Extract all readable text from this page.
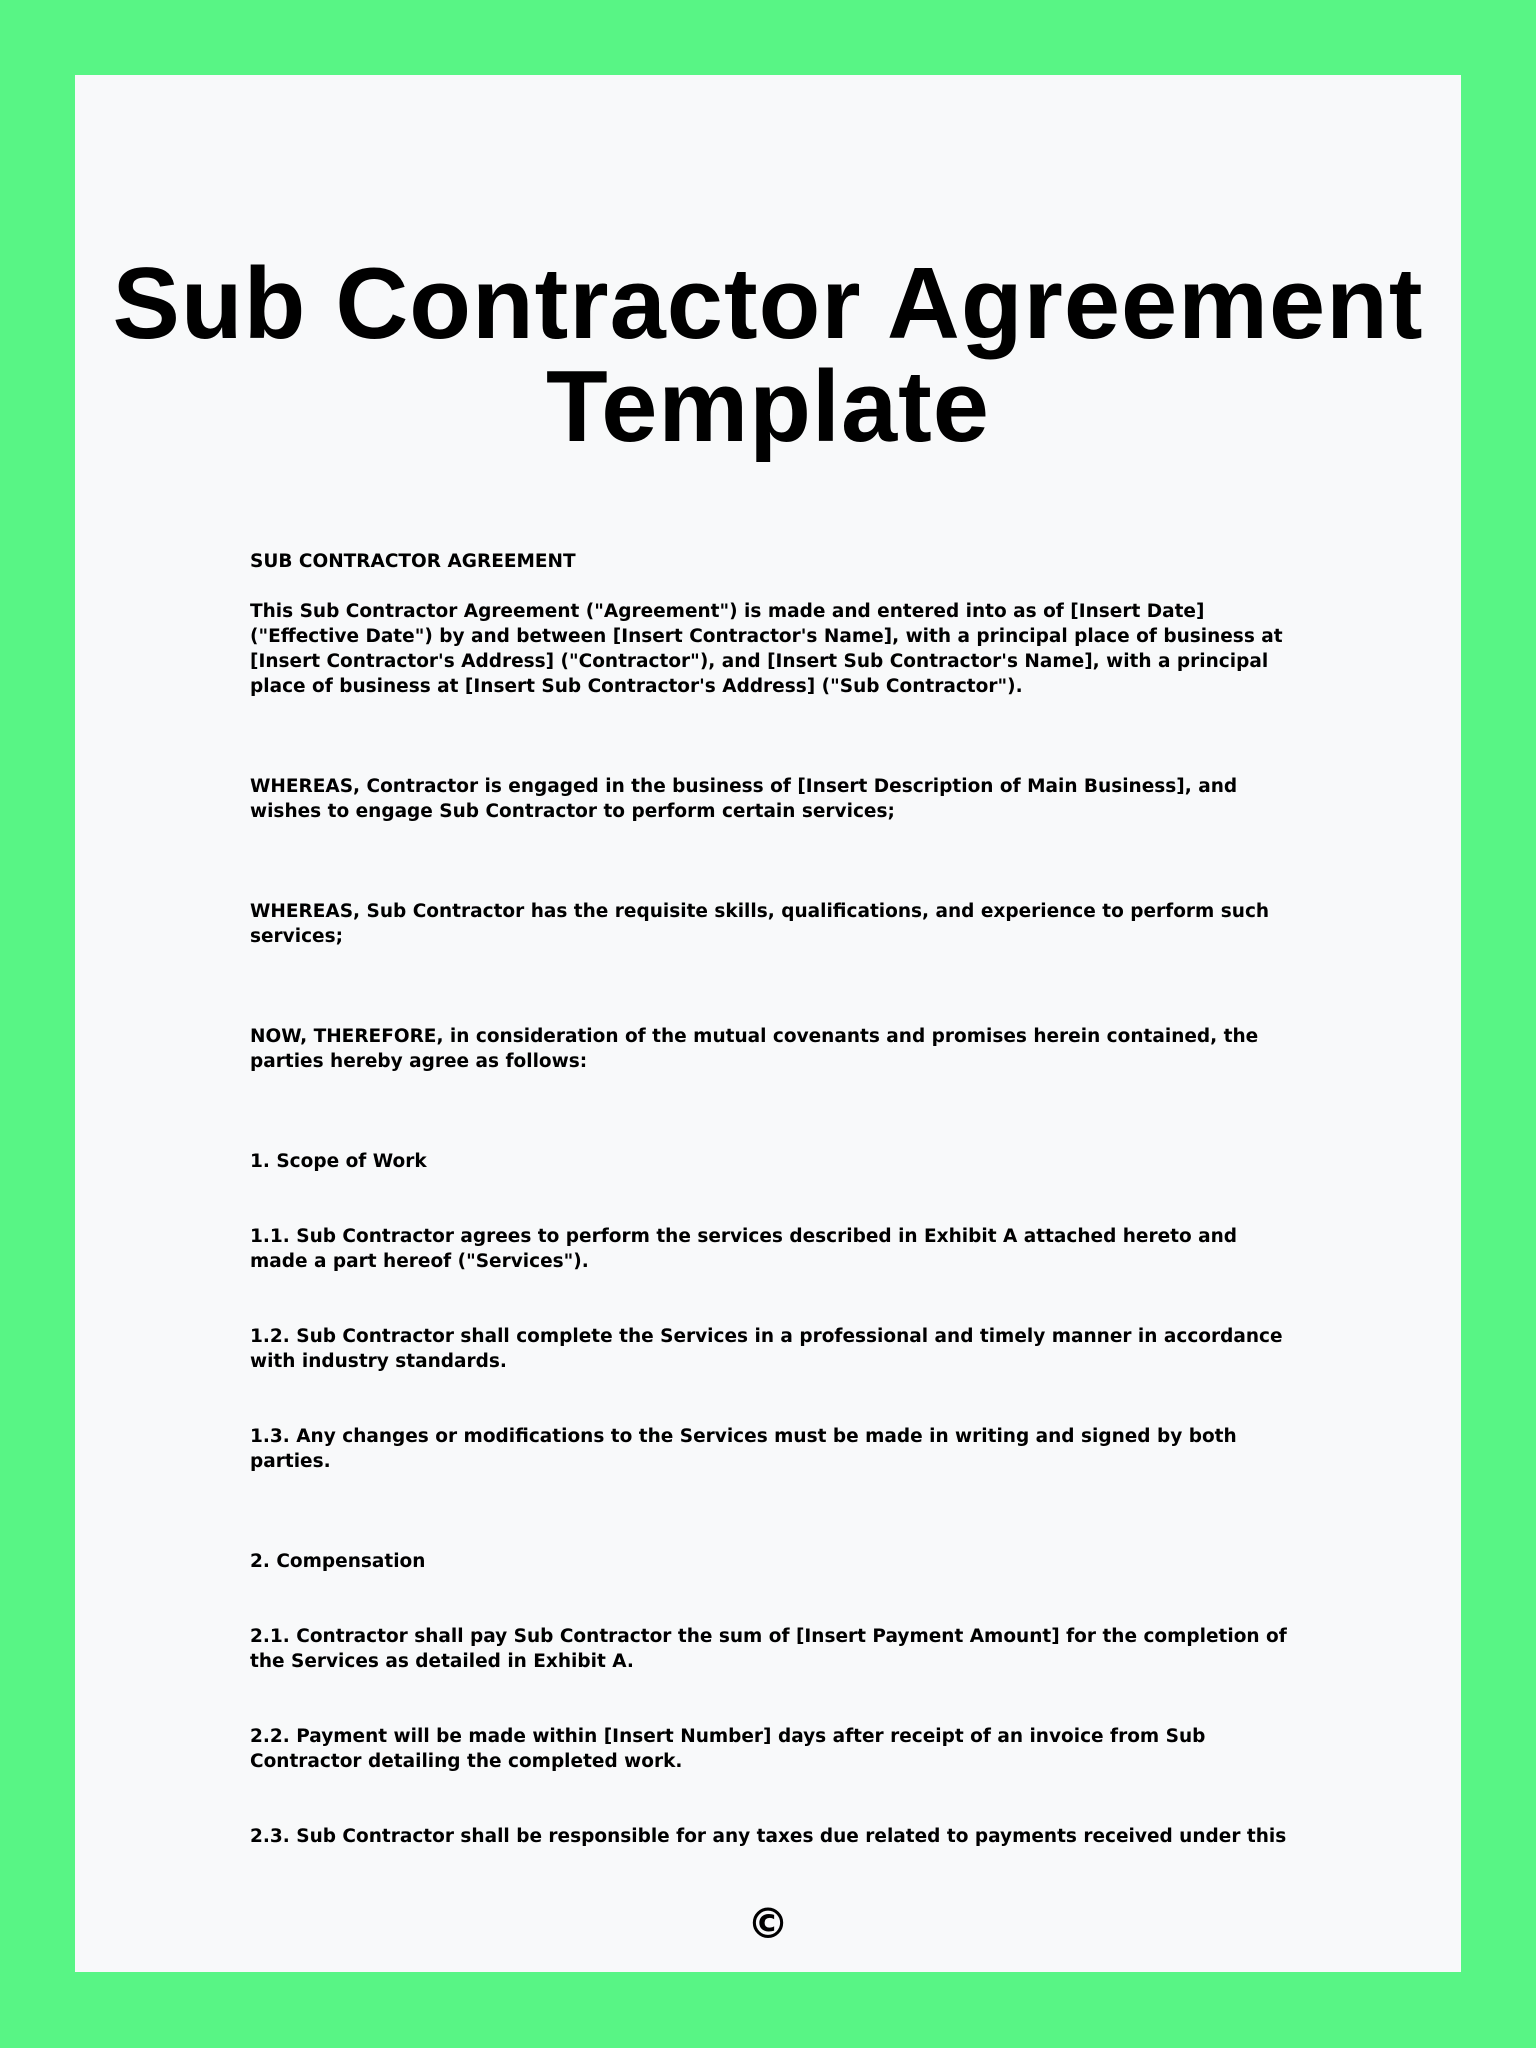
Sub Contractor Agreement
Template

SUB CONTRACTOR AGREEMENT

This Sub Contractor Agreement ("Agreement") is made and entered into as of [Insert Date] ("Effective Date") by and between [Insert Contractor's Name], with a principal place of business at [Insert Contractor's Address] ("Contractor"), and [Insert Sub Contractor's Name], with a principal place of business at [Insert Sub Contractor's Address] ("Sub Contractor").

WHEREAS, Contractor is engaged in the business of [Insert Description of Main Business], and wishes to engage Sub Contractor to perform certain services;

WHEREAS, Sub Contractor has the requisite skills, qualifications, and experience to perform such services;

NOW, THEREFORE, in consideration of the mutual covenants and promises herein contained, the parties hereby agree as follows:

1. Scope of Work

1.1. Sub Contractor agrees to perform the services described in Exhibit A attached hereto and made a part hereof ("Services").

1.2. Sub Contractor shall complete the Services in a professional and timely manner in accordance with industry standards.

1.3. Any changes or modifications to the Services must be made in writing and signed by both parties.

2. Compensation

2.1. Contractor shall pay Sub Contractor the sum of [Insert Payment Amount] for the completion of the Services as detailed in Exhibit A.

2.2. Payment will be made within [Insert Number] days after receipt of an invoice from Sub Contractor detailing the completed work.

2.3. Sub Contractor shall be responsible for any taxes due related to payments received under this

©
